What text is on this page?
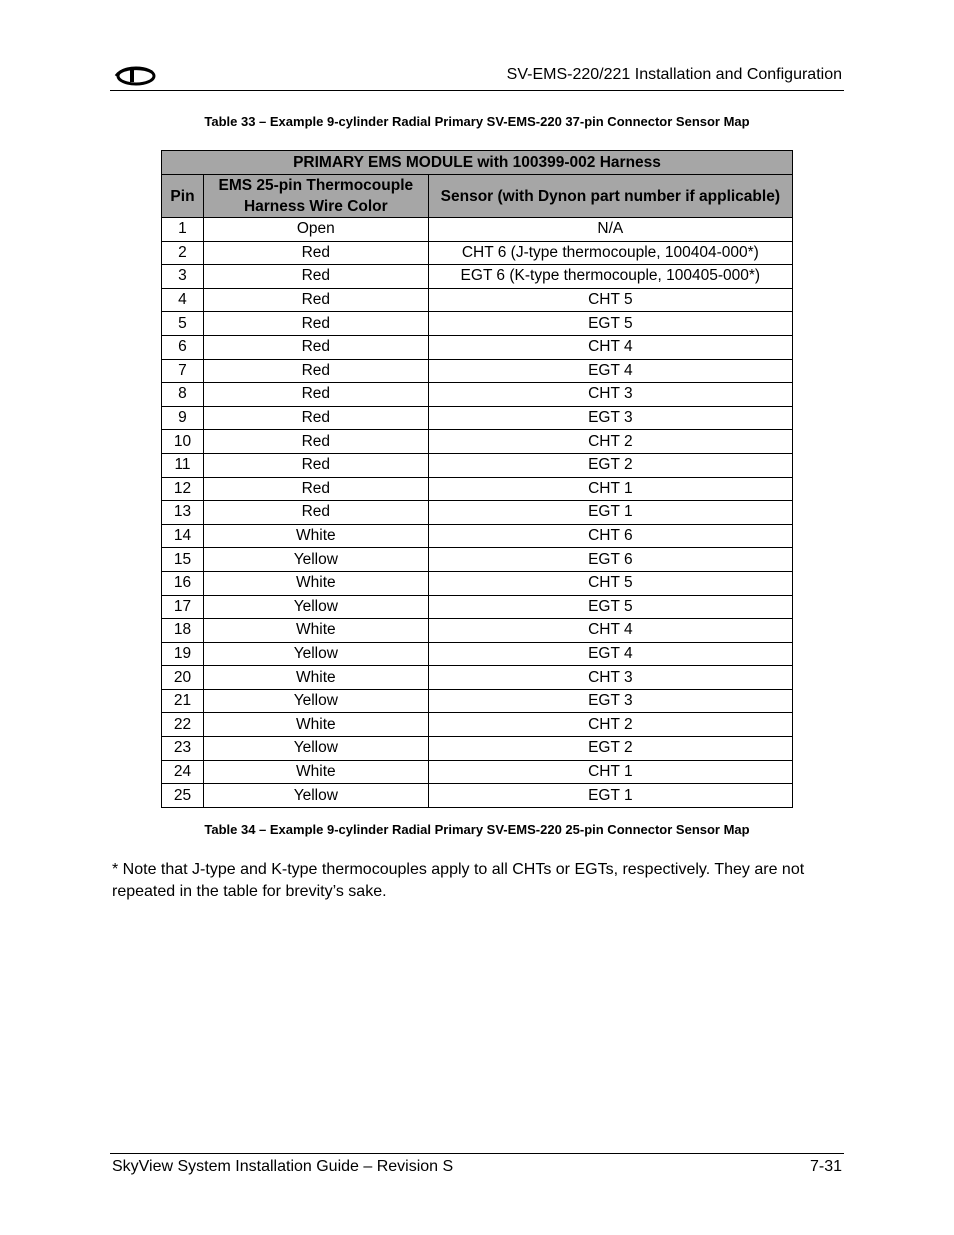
SV-EMS-220/221 Installation and Configuration
Table 33 – Example 9-cylinder Radial Primary SV-EMS-220 37-pin Connector Sensor Map
PRIMARY EMS MODULE with 100399-002 Harness		
Pin	EMS 25-pin Thermocouple Harness Wire Color	Sensor (with Dynon part number if applicable)
1	Open	N/A
2	Red	CHT 6 (J-type thermocouple, 100404-000*)
3	Red	EGT 6 (K-type thermocouple, 100405-000*)
4	Red	CHT 5
5	Red	EGT 5
6	Red	CHT 4
7	Red	EGT 4
8	Red	CHT 3
9	Red	EGT 3
10	Red	CHT 2
11	Red	EGT 2
12	Red	CHT 1
13	Red	EGT 1
14	White	CHT 6
15	Yellow	EGT 6
16	White	CHT 5
17	Yellow	EGT 5
18	White	CHT 4
19	Yellow	EGT 4
20	White	CHT 3
21	Yellow	EGT 3
22	White	CHT 2
23	Yellow	EGT 2
24	White	CHT 1
25	Yellow	EGT 1
Table 34 – Example 9-cylinder Radial Primary SV-EMS-220 25-pin Connector Sensor Map
* Note that J-type and K-type thermocouples apply to all CHTs or EGTs, respectively. They are not repeated in the table for brevity’s sake.
SkyView System Installation Guide – Revision S	7-31
